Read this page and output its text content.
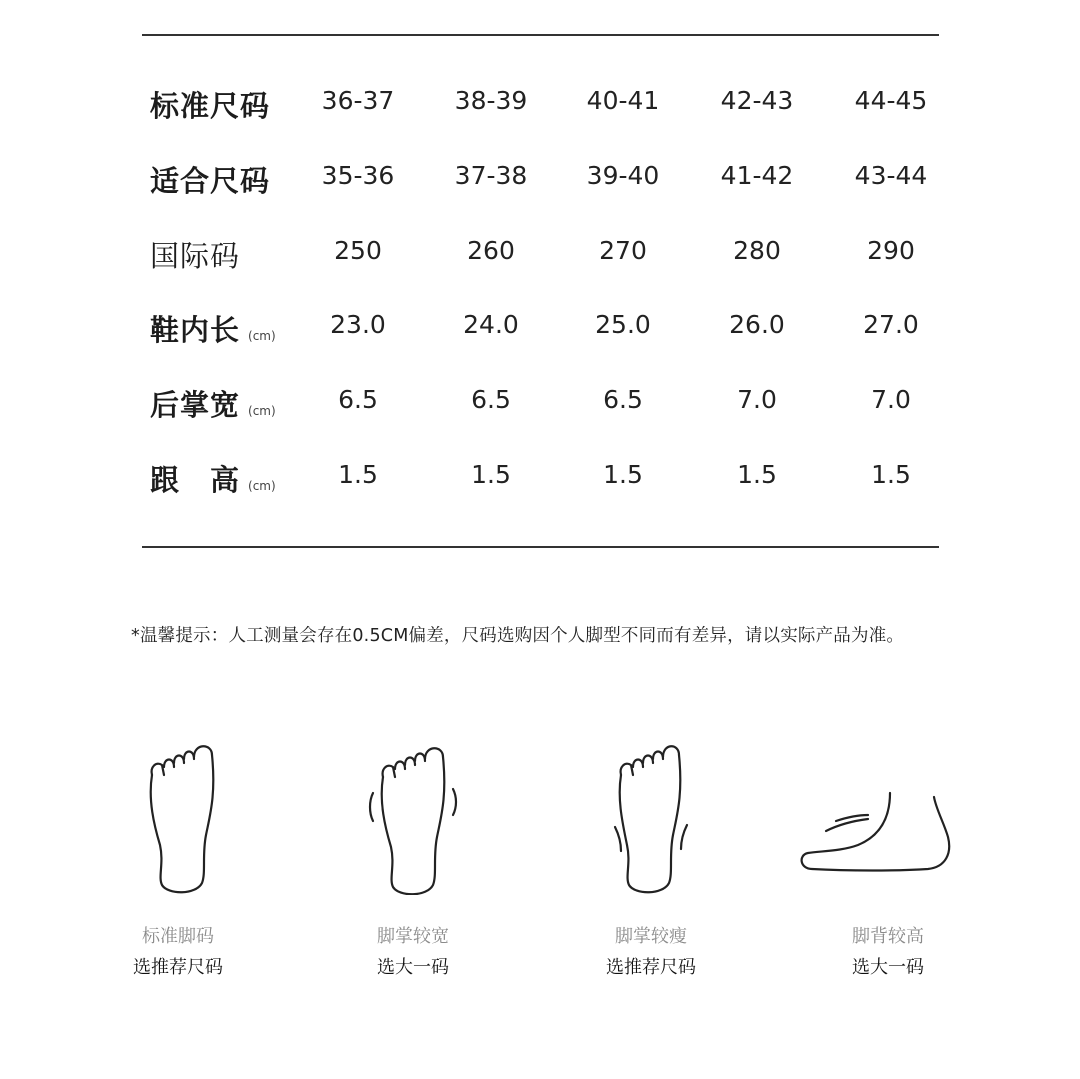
标准尺码	36-37	38-39	40-41	42-43	44-45
适合尺码	35-36	37-38	39-40	41-42	43-44
国际码	250	260	270	280	290
鞋内长 (cm)	23.0	24.0	25.0	26.0	27.0
后掌宽 (cm)	6.5	6.5	6.5	7.0	7.0
跟　高 (cm)	1.5	1.5	1.5	1.5	1.5
*温馨提示：人工测量会存在0.5CM偏差，尺码选购因个人脚型不同而有差异，请以实际产品为准。
标准脚码
选推荐尺码
脚掌较宽
选大一码
脚掌较瘦
选推荐尺码
脚背较高
选大一码
